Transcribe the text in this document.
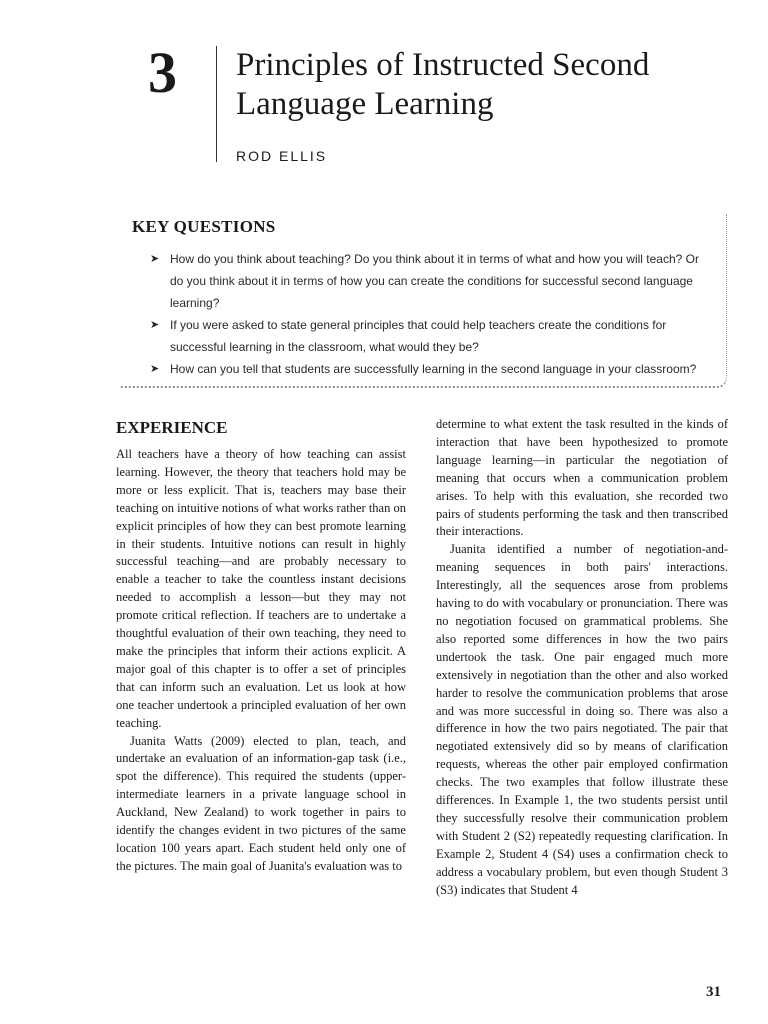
3 Principles of Instructed Second Language Learning
ROD ELLIS
KEY QUESTIONS
➤ How do you think about teaching? Do you think about it in terms of what and how you will teach? Or do you think about it in terms of how you can create the conditions for successful second language learning?
➤ If you were asked to state general principles that could help teachers create the conditions for successful learning in the classroom, what would they be?
➤ How can you tell that students are successfully learning in the second language in your classroom?
EXPERIENCE

All teachers have a theory of how teaching can assist learning. However, the theory that teachers hold may be more or less explicit. That is, teachers may base their teaching on intuitive notions of what works rather than on explicit principles of how they can best promote learning in their students. Intuitive notions can result in highly successful teaching—and are probably necessary to enable a teacher to take the countless instant decisions needed to accomplish a lesson—but they may not promote critical reflection. If teachers are to undertake a thoughtful evaluation of their own teaching, they need to make the principles that inform their actions explicit. A major goal of this chapter is to offer a set of principles that can inform such an evaluation. Let us look at how one teacher undertook a principled evaluation of her own teaching.

Juanita Watts (2009) elected to plan, teach, and undertake an evaluation of an information-gap task (i.e., spot the difference). This required the students (upper-intermediate learners in a private language school in Auckland, New Zealand) to work together in pairs to identify the changes evident in two pictures of the same location 100 years apart. Each student held only one of the pictures. The main goal of Juanita's evaluation was to

determine to what extent the task resulted in the kinds of interaction that have been hypothesized to promote language learning—in particular the negotiation of meaning that occurs when a communication problem arises. To help with this evaluation, she recorded two pairs of students performing the task and then transcribed their interactions.

Juanita identified a number of negotiation-and-meaning sequences in both pairs' interactions. Interestingly, all the sequences arose from problems having to do with vocabulary or pronunciation. There was no negotiation focused on grammatical problems. She also reported some differences in how the two pairs undertook the task. One pair engaged much more extensively in negotiation than the other and also worked harder to resolve the communication problems that arose and was more successful in doing so. There was also a difference in how the two pairs negotiated. The pair that negotiated extensively did so by means of clarification requests, whereas the other pair employed confirmation checks. The two examples that follow illustrate these differences. In Example 1, the two students persist until they successfully resolve their communication problem with Student 2 (S2) repeatedly requesting clarification. In Example 2, Student 4 (S4) uses a confirmation check to address a vocabulary problem, but even though Student 3 (S3) indicates that Student 4

31
